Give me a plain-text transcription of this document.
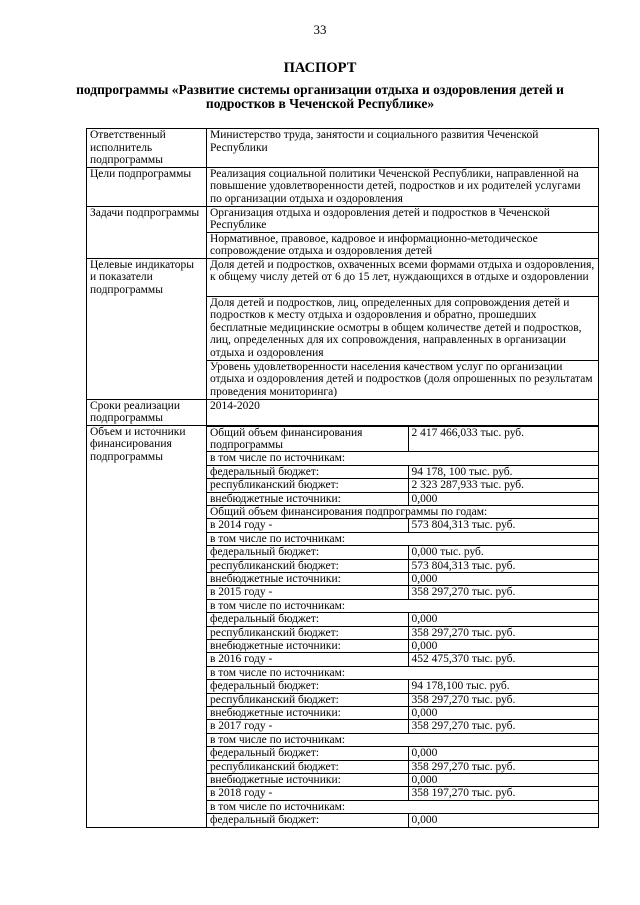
33
ПАСПОРТ
подпрограммы «Развитие системы организации отдыха и оздоровления детей и подростков в Чеченской Республике»
Ответственный исполнитель подпрограммы	Министерство труда, занятости и социального развития Чеченской Республики
Цели подпрограммы	Реализация социальной политики Чеченской Республики, направленной на повышение удовлетворенности детей, подростков и их родителей услугами по организации отдыха и оздоровления
Задачи подпрограммы	Организация отдыха и оздоровления детей и подростков в Чеченской Республике
Нормативное, правовое, кадровое и информационно-методическое сопровождение отдыха и оздоровления детей
Целевые индикаторы и показатели подпрограммы	Доля детей и подростков, охваченных всеми формами отдыха и оздоровления, к общему числу детей от 6 до 15 лет, нуждающихся в отдыхе и оздоровлении
Доля детей и подростков, лиц, определенных для сопровождения детей и подростков к месту отдыха и оздоровления и обратно, прошедших бесплатные медицинские осмотры в общем количестве детей и подростков, лиц, определенных для их сопровождения, направленных в организации отдыха и оздоровления
Уровень удовлетворенности населения качеством услуг по организации отдыха и оздоровления детей и подростков (доля опрошенных по результатам проведения мониторинга)
Сроки реализации подпрограммы	2014-2020
Объем и источники финансирования подпрограммы	
Общий объем финансирования подпрограммы	2 417 466,033 тыс. руб.
в том числе по источникам:
федеральный бюджет:	94 178, 100 тыс. руб.
республиканский бюджет:	2 323 287,933 тыс. руб.
внебюджетные источники:	0,000
Общий объем финансирования подпрограммы по годам:
в 2014 году -	573 804,313 тыс. руб.
в том числе по источникам:
федеральный бюджет:	0,000 тыс. руб.
республиканский бюджет:	573 804,313 тыс. руб.
внебюджетные источники:	0,000
в 2015 году -	358 297,270 тыс. руб.
в том числе по источникам:
федеральный бюджет:	0,000
республиканский бюджет:	358 297,270 тыс. руб.
внебюджетные источники:	0,000
в 2016 году -	452 475,370 тыс. руб.
в том числе по источникам:
федеральный бюджет:	94 178,100 тыс. руб.
республиканский бюджет:	358 297,270 тыс. руб.
внебюджетные источники:	0,000
в 2017 году -	358 297,270 тыс. руб.
в том числе по источникам:
федеральный бюджет:	0,000
республиканский бюджет:	358 297,270 тыс. руб.
внебюджетные источники:	0,000
в 2018 году -	358 197,270 тыс. руб.
в том числе по источникам:
федеральный бюджет:	0,000
